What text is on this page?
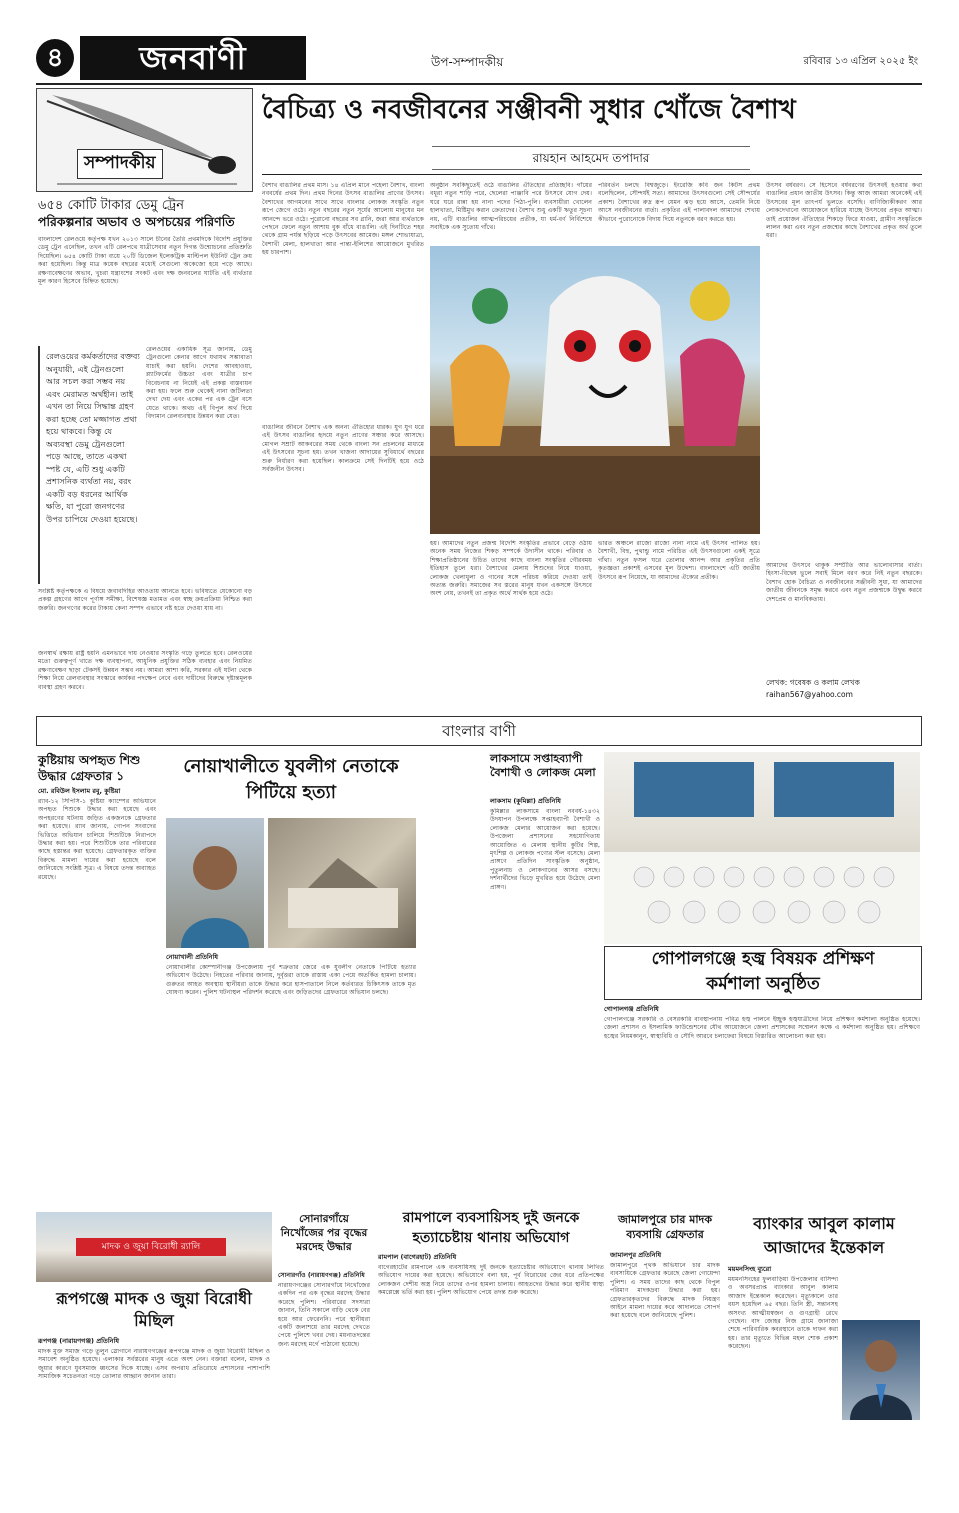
৪	জনবাণী	উপ-সম্পাদকীয়	রবিবার ১৩ এপ্রিল ২০২৫ ইং
সম্পাদকীয়
৬৫৪ কোটি টাকার ডেমু ট্রেন
পরিকল্পনার অভাব ও অপচয়ের পরিণতি
বাংলাদেশ রেলওয়ে কর্তৃপক্ষ যখন ২০১৩ সালে চীনের তৈরি প্রথমদিকে বিদেশি প্রযুক্তির ডেমু ট্রেন এনেছিল, তখন এটি রেলপথে যাত্রীসেবার নতুন দিগন্ত উন্মোচনের প্রতিশ্রুতি দিয়েছিল। ৬৫৪ কোটি টাকা ব্যয়ে ২০টি ডিজেল ইলেকট্রিক মাল্টিপল ইউনিট ট্রেন ক্রয় করা হয়েছিল। কিন্তু মাত্র কয়েক বছরের মধ্যেই সেগুলো অকেজো হয়ে পড়ে আছে। রক্ষণাবেক্ষণের অভাব, খুচরা যন্ত্রাংশের সংকট এবং দক্ষ জনবলের ঘাটতি এই ব্যর্থতার মূল কারণ হিসেবে চিহ্নিত হয়েছে।
রেলওয়ের কর্মকর্তাদের বক্তব্য অনুযায়ী, এই ট্রেনগুলো আর সচল করা সম্ভব নয় এবং মেরামত অর্থহীন। তাই এখন তা নিয়ে সিদ্ধান্ত গ্রহণ করা হচ্ছে তো মজ্জাগত প্রথা হয়ে থাকবে। কিন্তু যে অব্যবস্থা ডেমু ট্রেনগুলো পড়ে আছে, তাতে একথা স্পষ্ট যে, এটি শুধু একটি প্রশাসনিক ব্যর্থতা নয়, বরং একটি বড় ধরনের আর্থিক ক্ষতি, যা পুরো জনগণের উপর চাপিয়ে দেওয়া হয়েছে।
রেলওয়ের একাধিক সূত্র জানায়, ডেমু ট্রেনগুলো কেনার আগে যথাযথ সম্ভাব্যতা যাচাই করা হয়নি। দেশের আবহাওয়া, প্ল্যাটফর্মের উচ্চতা এবং যাত্রীর চাপ বিবেচনায় না নিয়েই এই প্রকল্প বাস্তবায়ন করা হয়। ফলে শুরু থেকেই নানা জটিলতা দেখা দেয় এবং একের পর এক ট্রেন বসে যেতে থাকে। অথচ এই বিপুল অর্থ দিয়ে বিদ্যমান রেলব্যবস্থার উন্নয়ন করা যেত।
সংশ্লিষ্ট কর্তৃপক্ষকে এ বিষয়ে জবাবদিহির আওতায় আনতে হবে। ভবিষ্যতে যেকোনো বড় প্রকল্প গ্রহণের আগে পূর্ণাঙ্গ সমীক্ষা, বিশেষজ্ঞ মতামত এবং স্বচ্ছ ক্রয়প্রক্রিয়া নিশ্চিত করা জরুরি। জনগণের করের টাকায় কেনা সম্পদ এভাবে নষ্ট হতে দেওয়া যায় না।
জনস্বার্থ রক্ষায় রাষ্ট্র হয়নি এমনভাবে দায় নেওয়ার সংস্কৃতি গড়ে তুলতে হবে। রেলওয়ের মতো গুরুত্বপূর্ণ খাতে দক্ষ ব্যবস্থাপনা, আধুনিক প্রযুক্তির সঠিক ব্যবহার এবং নিয়মিত রক্ষণাবেক্ষণ ছাড়া টেকসই উন্নয়ন সম্ভব নয়। আমরা আশা করি, সরকার এই ঘটনা থেকে শিক্ষা নিয়ে রেলব্যবস্থার সংস্কারে কার্যকর পদক্ষেপ নেবে এবং দায়ীদের বিরুদ্ধে দৃষ্টান্তমূলক ব্যবস্থা গ্রহণ করবে।
বৈচিত্র্য ও নবজীবনের সঞ্জীবনী সুধার খোঁজে বৈশাখ
রায়হান আহমেদ তপাদার
বৈশাখ বাঙালির প্রথম মাস। ১৪ এপ্রিল মানে পহেলা বৈশাখ, বাংলা নববর্ষের প্রথম দিন। প্রথম দিনের উৎসব বাঙালির প্রাণের উৎসব। বৈশাখের আগমনের সাথে সাথে বাংলার লোকজ সংস্কৃতি নতুন রূপে জেগে ওঠে। নতুন বছরের নতুন সূর্যের আলোয় মানুষের মন আনন্দে ভরে ওঠে। পুরোনো বছরের সব গ্লানি, জরা আর ব্যর্থতাকে পেছনে ফেলে নতুন আশায় বুক বাঁধে বাঙালি। এই দিনটিতে শহর থেকে গ্রাম পর্যন্ত ছড়িয়ে পড়ে উৎসবের আমেজ। মঙ্গল শোভাযাত্রা, বৈশাখী মেলা, হালখাতা আর পান্তা-ইলিশের আয়োজনে মুখরিত হয় চারপাশ।
বাঙালির জীবনে বৈশাখ এক অনন্য ঐতিহ্যের ধারক। যুগ যুগ ধরে এই উৎসব বাঙালির হৃদয়ে নতুন প্রাণের সঞ্চার করে আসছে। মোগল সম্রাট আকবরের সময় থেকে বাংলা সন প্রচলনের মাধ্যমে এই উৎসবের সূচনা হয়। তখন খাজনা আদায়ের সুবিধার্থে বছরের শুরু নির্ধারণ করা হয়েছিল। কালক্রমে সেই দিনটিই হয়ে ওঠে সর্বজনীন উৎসব।
অনুষ্ঠান সবকিছুতেই ওঠে বাঙালির ঐতিহ্যের প্রতিচ্ছবি। গাঁয়ের বধূরা নতুন শাড়ি পরে, ছেলেরা পাঞ্জাবি পরে উৎসবে যোগ দেয়। ঘরে ঘরে রান্না হয় নানা পদের পিঠা-পুলি। ব্যবসায়ীরা খোলেন হালখাতা, মিষ্টিমুখ করান ক্রেতাদের। বৈশাখ শুধু একটি ঋতুর সূচনা নয়, এটি বাঙালির আত্মপরিচয়ের প্রতীক, যা ধর্ম-বর্ণ নির্বিশেষে সবাইকে এক সুতোয় গাঁথে।
পরিবর্তন চলছে বিশ্বজুড়ে। ইংরেজি কবি জন কিটস প্রথম বলেছিলেন, সৌন্দর্যই সত্য। আমাদের উৎসবগুলো সেই সৌন্দর্যের প্রকাশ। বৈশাখের রুদ্র রূপ যেমন ঝড় হয়ে আসে, তেমনি নিয়ে আসে নবজীবনের বার্তা। প্রকৃতির এই পালাবদল আমাদের শেখায় কীভাবে পুরোনোকে বিদায় দিয়ে নতুনকে বরণ করতে হয়।
উৎসব বর্ষবরণ। সে হিসেবে বর্ষবরণের উৎসবই হওয়ার কথা বাঙালির প্রধান জাতীয় উৎসব। কিন্তু আজ আমরা অনেকেই এই উৎসবের মূল তাৎপর্য ভুলতে বসেছি। বাণিজ্যিকীকরণ আর লোকদেখানো আয়োজনে হারিয়ে যাচ্ছে উৎসবের প্রকৃত আত্মা। তাই প্রয়োজন ঐতিহ্যের শিকড়ে ফিরে যাওয়া, গ্রামীণ সংস্কৃতিকে লালন করা এবং নতুন প্রজন্মের কাছে বৈশাখের প্রকৃত অর্থ তুলে ধরা।
হয়। আমাদের নতুন প্রজন্ম বিদেশি সংস্কৃতির প্রভাবে বেড়ে ওঠায় অনেক সময় নিজের শিকড় সম্পর্কে উদাসীন থাকে। পরিবার ও শিক্ষাপ্রতিষ্ঠানের উচিত তাদের কাছে বাংলা সংস্কৃতির গৌরবময় ইতিহাস তুলে ধরা। বৈশাখের মেলায় শিশুদের নিয়ে যাওয়া, লোকজ খেলাধুলা ও গানের সঙ্গে পরিচয় করিয়ে দেওয়া তাই অত্যন্ত জরুরি। সমাজের সব স্তরের মানুষ যখন একসঙ্গে উৎসবে অংশ নেয়, তখনই তা প্রকৃত অর্থে সার্থক হয়ে ওঠে।
ভারত অঞ্চলে রাজ্যে রাজ্যে নানা নামে এই উৎসব পালিত হয়। বৈশাখী, বিহু, পুথান্ডু নামে পরিচিত এই উৎসবগুলো একই সূত্রে গাঁথা। নতুন ফসল ঘরে তোলার আনন্দ আর প্রকৃতির প্রতি কৃতজ্ঞতা প্রকাশই এসবের মূল উদ্দেশ্য। বাংলাদেশে এটি জাতীয় উৎসবে রূপ নিয়েছে, যা আমাদের ঐক্যের প্রতীক।
আমাদের উৎসবে থাকুক সম্প্রীতি আর ভালোবাসার বার্তা। হিংসা-বিদ্বেষ ভুলে সবাই মিলে বরণ করে নিই নতুন বছরকে। বৈশাখ হোক বৈচিত্র্য ও নবজীবনের সঞ্জীবনী সুধা, যা আমাদের জাতীয় জীবনকে সমৃদ্ধ করবে এবং নতুন প্রজন্মকে উদ্বুদ্ধ করবে দেশপ্রেম ও মানবিকতায়।
লেখক: গবেষক ও কলাম লেখক
raihan567@yahoo.com
বাংলার বাণী
কুষ্টিয়ায় অপহৃত শিশু উদ্ধার গ্রেফতার ১
মো. রবিউল ইসলাম রবু, কুষ্টিয়া
র‍্যাব-১২ সিপিসি-১ কুষ্টিয়া ক্যাম্পের অভিযানে অপহৃত শিশুকে উদ্ধার করা হয়েছে এবং অপহরণের ঘটনায় জড়িত একজনকে গ্রেফতার করা হয়েছে। র‍্যাব জানায়, গোপন সংবাদের ভিত্তিতে অভিযান চালিয়ে শিশুটিকে নিরাপদে উদ্ধার করা হয়। পরে শিশুটিকে তার পরিবারের কাছে হস্তান্তর করা হয়েছে। গ্রেফতারকৃত ব্যক্তির বিরুদ্ধে মামলা দায়ের করা হয়েছে বলে জানিয়েছে সংশ্লিষ্ট সূত্র। এ বিষয়ে তদন্ত অব্যাহত রয়েছে।
নোয়াখালীতে যুবলীগ নেতাকে পিটিয়ে হত্যা
নোয়াখালী প্রতিনিধি
নোয়াখালীর কোম্পানীগঞ্জ উপজেলায় পূর্ব শত্রুতার জেরে এক যুবলীগ নেতাকে পিটিয়ে হত্যার অভিযোগ উঠেছে। নিহতের পরিবার জানায়, দুর্বৃত্তরা তাকে রাস্তায় একা পেয়ে অতর্কিত হামলা চালায়। গুরুতর আহত অবস্থায় স্থানীয়রা তাকে উদ্ধার করে হাসপাতালে নিলে কর্তব্যরত চিকিৎসক তাকে মৃত ঘোষণা করেন। পুলিশ ঘটনাস্থল পরিদর্শন করেছে এবং জড়িতদের গ্রেফতারে অভিযান চলছে।
লাকসামে সপ্তাহব্যাপী বৈশাখী ও লোকজ মেলা
লাকসাম (কুমিল্লা) প্রতিনিধি
কুমিল্লার লাকসামে বাংলা নববর্ষ-১৪৩২ উদযাপন উপলক্ষে সপ্তাহব্যাপী বৈশাখী ও লোকজ মেলার আয়োজন করা হয়েছে। উপজেলা প্রশাসনের সহযোগিতায় আয়োজিত এ মেলায় স্থানীয় কুটির শিল্প, মৃৎশিল্প ও লোকজ পণ্যের স্টল বসেছে। মেলা প্রাঙ্গণে প্রতিদিন সাংস্কৃতিক অনুষ্ঠান, পুতুলনাচ ও লোকগানের আসর বসছে। দর্শনার্থীদের ভিড়ে মুখরিত হয়ে উঠেছে মেলা প্রাঙ্গণ।
গোপালগঞ্জে হজ্ব বিষয়ক প্রশিক্ষণ
কর্মশালা অনুষ্ঠিত
গোপালগঞ্জ প্রতিনিধি
গোপালগঞ্জে সরকারি ও বেসরকারি ব্যবস্থাপনায় পবিত্র হজ্ব পালনে ইচ্ছুক হজ্বযাত্রীদের নিয়ে প্রশিক্ষণ কর্মশালা অনুষ্ঠিত হয়েছে। জেলা প্রশাসন ও ইসলামিক ফাউন্ডেশনের যৌথ আয়োজনে জেলা প্রশাসকের সম্মেলন কক্ষে এ কর্মশালা অনুষ্ঠিত হয়। প্রশিক্ষণে হজ্বের নিয়মকানুন, স্বাস্থ্যবিধি ও সৌদি আরবে চলাফেরা বিষয়ে বিস্তারিত আলোচনা করা হয়।
মাদক ও জুয়া বিরোধী র‍্যালি
রূপগঞ্জে মাদক ও জুয়া বিরোধী মিছিল
রূপগঞ্জ (নারায়ণগঞ্জ) প্রতিনিধি
মাদক মুক্ত সমাজ গড়ে তুলুন স্লোগানে নারায়ণগঞ্জের রূপগঞ্জে মাদক ও জুয়া বিরোধী মিছিল ও সমাবেশ অনুষ্ঠিত হয়েছে। এলাকার সর্বস্তরের মানুষ এতে অংশ নেন। বক্তারা বলেন, মাদক ও জুয়ার কারণে যুবসমাজ ধ্বংসের দিকে যাচ্ছে। এসব অপরাধ প্রতিরোধে প্রশাসনের পাশাপাশি সামাজিক সচেতনতা গড়ে তোলার আহ্বান জানান তারা।
সোনারগাঁয়ে নিখোঁজের পর বৃদ্ধের মরদেহ উদ্ধার
সোনারগাঁও (নারায়ণগঞ্জ) প্রতিনিধি
নারায়ণগঞ্জের সোনারগাঁয়ে নিখোঁজের একদিন পর এক বৃদ্ধের মরদেহ উদ্ধার করেছে পুলিশ। পরিবারের সদস্যরা জানান, তিনি সকালে বাড়ি থেকে বের হয়ে আর ফেরেননি। পরে স্থানীয়রা একটি জলাশয়ে তার মরদেহ দেখতে পেয়ে পুলিশে খবর দেয়। ময়নাতদন্তের জন্য মরদেহ মর্গে পাঠানো হয়েছে।
রামপালে ব্যবসায়িসহ দুই জনকে
হত্যাচেষ্টায় থানায় অভিযোগ
রামপাল (বাগেরহাট) প্রতিনিধি
বাগেরহাটের রামপালে এক ব্যবসায়িসহ দুই জনকে হত্যাচেষ্টার অভিযোগে থানায় লিখিত অভিযোগ দায়ের করা হয়েছে। অভিযোগে বলা হয়, পূর্ব বিরোধের জের ধরে প্রতিপক্ষের লোকজন দেশীয় অস্ত্র নিয়ে তাদের ওপর হামলা চালায়। আহতদের উদ্ধার করে স্থানীয় স্বাস্থ্য কমপ্লেক্সে ভর্তি করা হয়। পুলিশ অভিযোগ পেয়ে তদন্ত শুরু করেছে।
জামালপুরে চার মাদক ব্যবসায়ি গ্রেফতার
জামালপুর প্রতিনিধি
জামালপুরে পৃথক অভিযানে চার মাদক ব্যবসায়িকে গ্রেফতার করেছে জেলা গোয়েন্দা পুলিশ। এ সময় তাদের কাছ থেকে বিপুল পরিমাণ মাদকদ্রব্য উদ্ধার করা হয়। গ্রেফতারকৃতদের বিরুদ্ধে মাদক নিয়ন্ত্রণ আইনে মামলা দায়ের করে আদালতে সোপর্দ করা হয়েছে বলে জানিয়েছে পুলিশ।
ব্যাংকার আবুল কালাম আজাদের ইন্তেকাল
ময়মনসিংহ ব্যুরো
ময়মনসিংহের ফুলবাড়িয়া উপজেলার বাসিন্দা ও অবসরপ্রাপ্ত ব্যাংকার আবুল কালাম আজাদ ইন্তেকাল করেছেন। মৃত্যুকালে তার বয়স হয়েছিল ৬৫ বছর। তিনি স্ত্রী, সন্তানসহ অসংখ্য আত্মীয়স্বজন ও গুণগ্রাহী রেখে গেছেন। বাদ জোহর নিজ গ্রামে জানাজা শেষে পারিবারিক কবরস্থানে তাকে দাফন করা হয়। তার মৃত্যুতে বিভিন্ন মহল শোক প্রকাশ করেছেন।
